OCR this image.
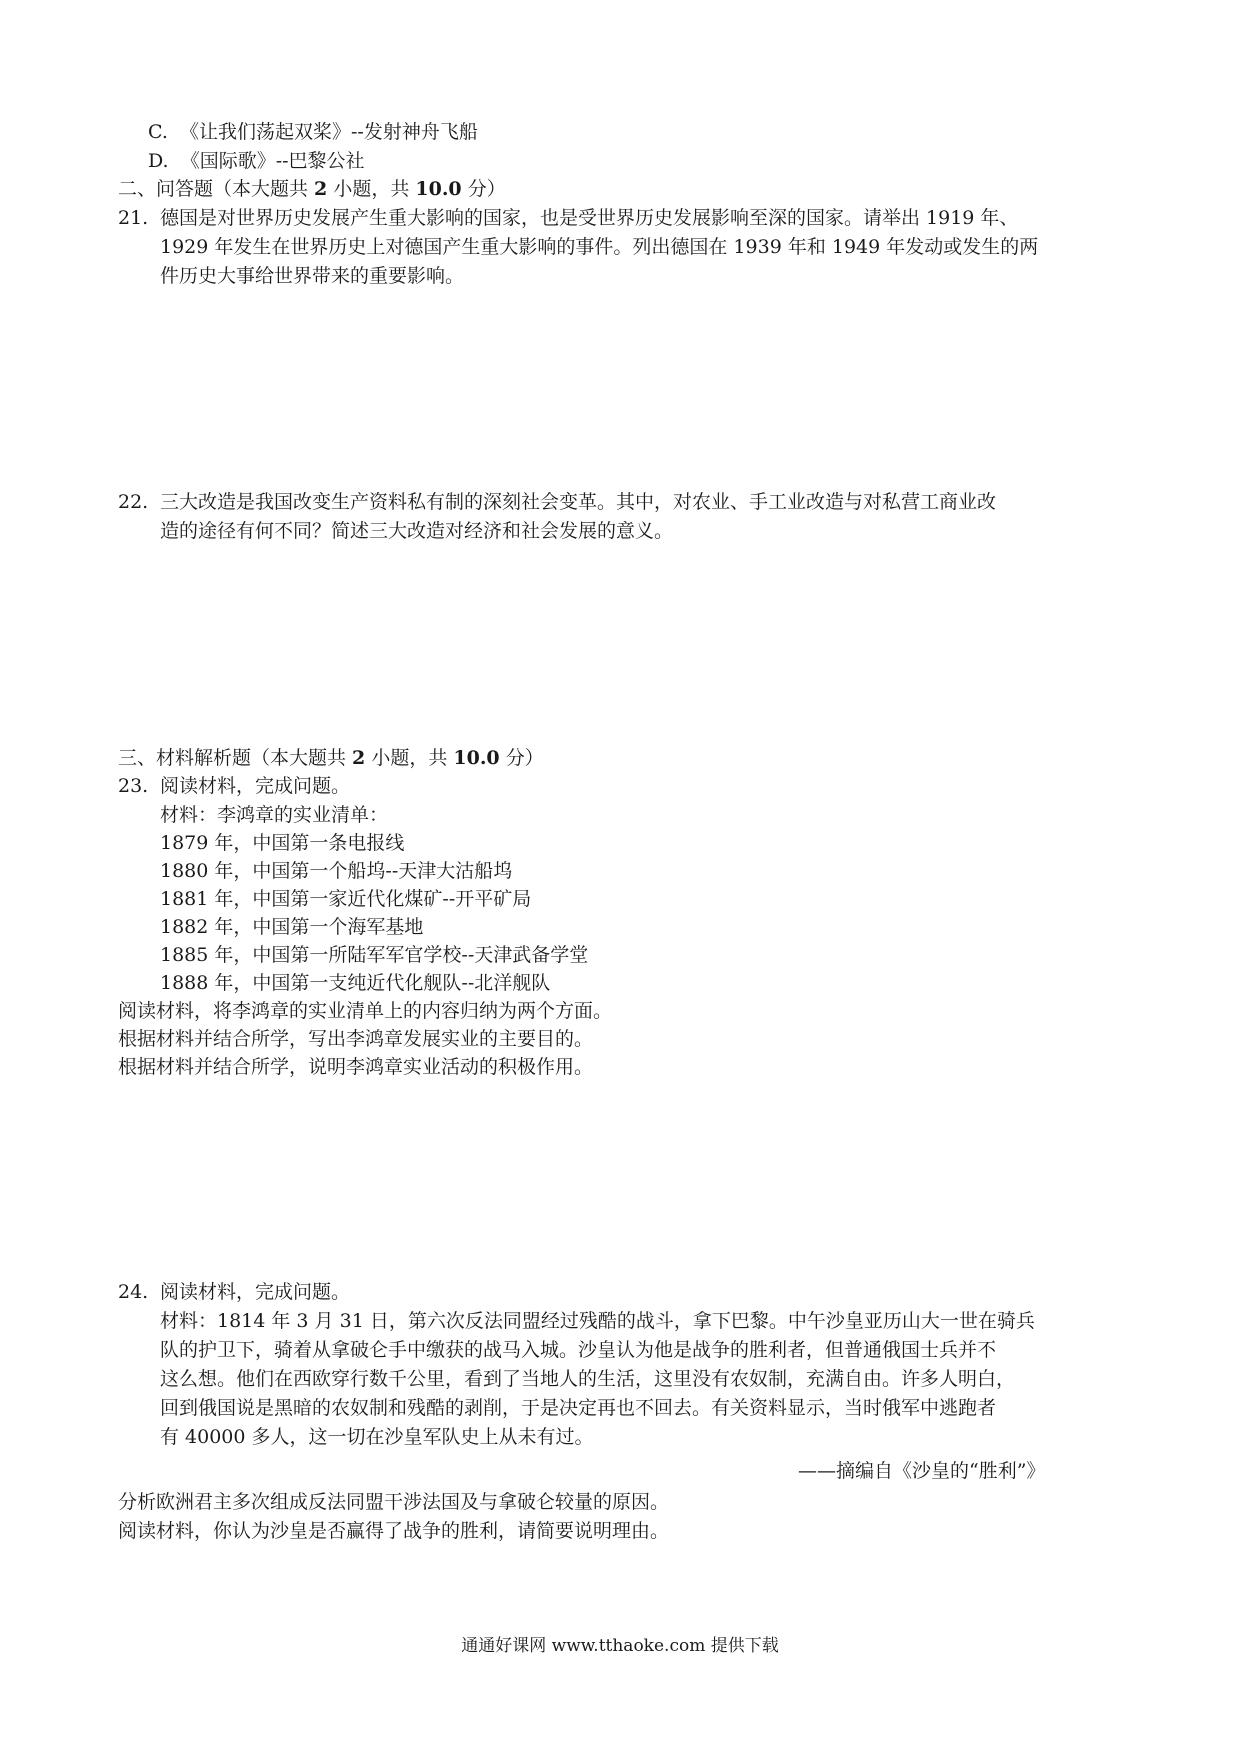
C. 《让我们荡起双桨》--发射神舟飞船
D. 《国际歌》--巴黎公社
二、问答题（本大题共 2 小题，共 10.0 分）
21. 德国是对世界历史发展产生重大影响的国家，也是受世界历史发展影响至深的国家。请举出 1919 年、
1929 年发生在世界历史上对德国产生重大影响的事件。列出德国在 1939 年和 1949 年发动或发生的两
件历史大事给世界带来的重要影响。
22. 三大改造是我国改变生产资料私有制的深刻社会变革。其中，对农业、手工业改造与对私营工商业改
造的途径有何不同？简述三大改造对经济和社会发展的意义。
三、材料解析题（本大题共 2 小题，共 10.0 分）
23. 阅读材料，完成问题。
材料：李鸿章的实业清单：
1879 年，中国第一条电报线
1880 年，中国第一个船坞--天津大沽船坞
1881 年，中国第一家近代化煤矿--开平矿局
1882 年，中国第一个海军基地
1885 年，中国第一所陆军军官学校--天津武备学堂
1888 年，中国第一支纯近代化舰队--北洋舰队
阅读材料，将李鸿章的实业清单上的内容归纳为两个方面。
根据材料并结合所学，写出李鸿章发展实业的主要目的。
根据材料并结合所学，说明李鸿章实业活动的积极作用。
24. 阅读材料，完成问题。
材料：1814 年 3 月 31 日，第六次反法同盟经过残酷的战斗，拿下巴黎。中午沙皇亚历山大一世在骑兵
队的护卫下，骑着从拿破仑手中缴获的战马入城。沙皇认为他是战争的胜利者，但普通俄国士兵并不
这么想。他们在西欧穿行数千公里，看到了当地人的生活，这里没有农奴制，充满自由。许多人明白，
回到俄国说是黑暗的农奴制和残酷的剥削，于是决定再也不回去。有关资料显示，当时俄军中逃跑者
有 40000 多人，这一切在沙皇军队史上从未有过。
——摘编自《沙皇的“胜利”》
分析欧洲君主多次组成反法同盟干涉法国及与拿破仑较量的原因。
阅读材料，你认为沙皇是否赢得了战争的胜利，请简要说明理由。
通通好课网 www.tthaoke.com 提供下载
